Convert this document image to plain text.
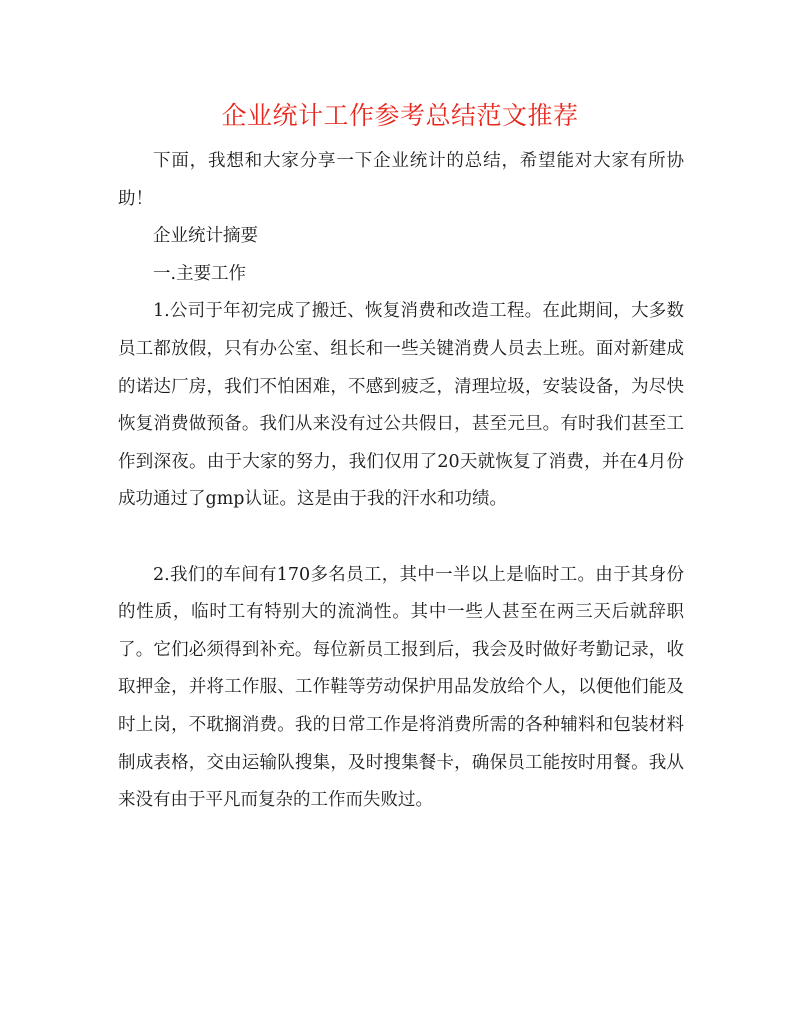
企业统计工作参考总结范文推荐

下面，我想和大家分享一下企业统计的总结，希望能对大家有所协助！

企业统计摘要

一.主要工作

1.公司于年初完成了搬迁、恢复消费和改造工程。在此期间，大多数员工都放假，只有办公室、组长和一些关键消费人员去上班。面对新建成的诺达厂房，我们不怕困难，不感到疲乏，清理垃圾，安装设备，为尽快恢复消费做预备。我们从来没有过公共假日，甚至元旦。有时我们甚至工作到深夜。由于大家的努力，我们仅用了20天就恢复了消费，并在4月份成功通过了gmp认证。这是由于我的汗水和功绩。

2.我们的车间有170多名员工，其中一半以上是临时工。由于其身份的性质，临时工有特别大的流淌性。其中一些人甚至在两三天后就辞职了。它们必须得到补充。每位新员工报到后，我会及时做好考勤记录，收取押金，并将工作服、工作鞋等劳动保护用品发放给个人，以便他们能及时上岗，不耽搁消费。我的日常工作是将消费所需的各种辅料和包装材料制成表格，交由运输队搜集，及时搜集餐卡，确保员工能按时用餐。我从来没有由于平凡而复杂的工作而失败过。
